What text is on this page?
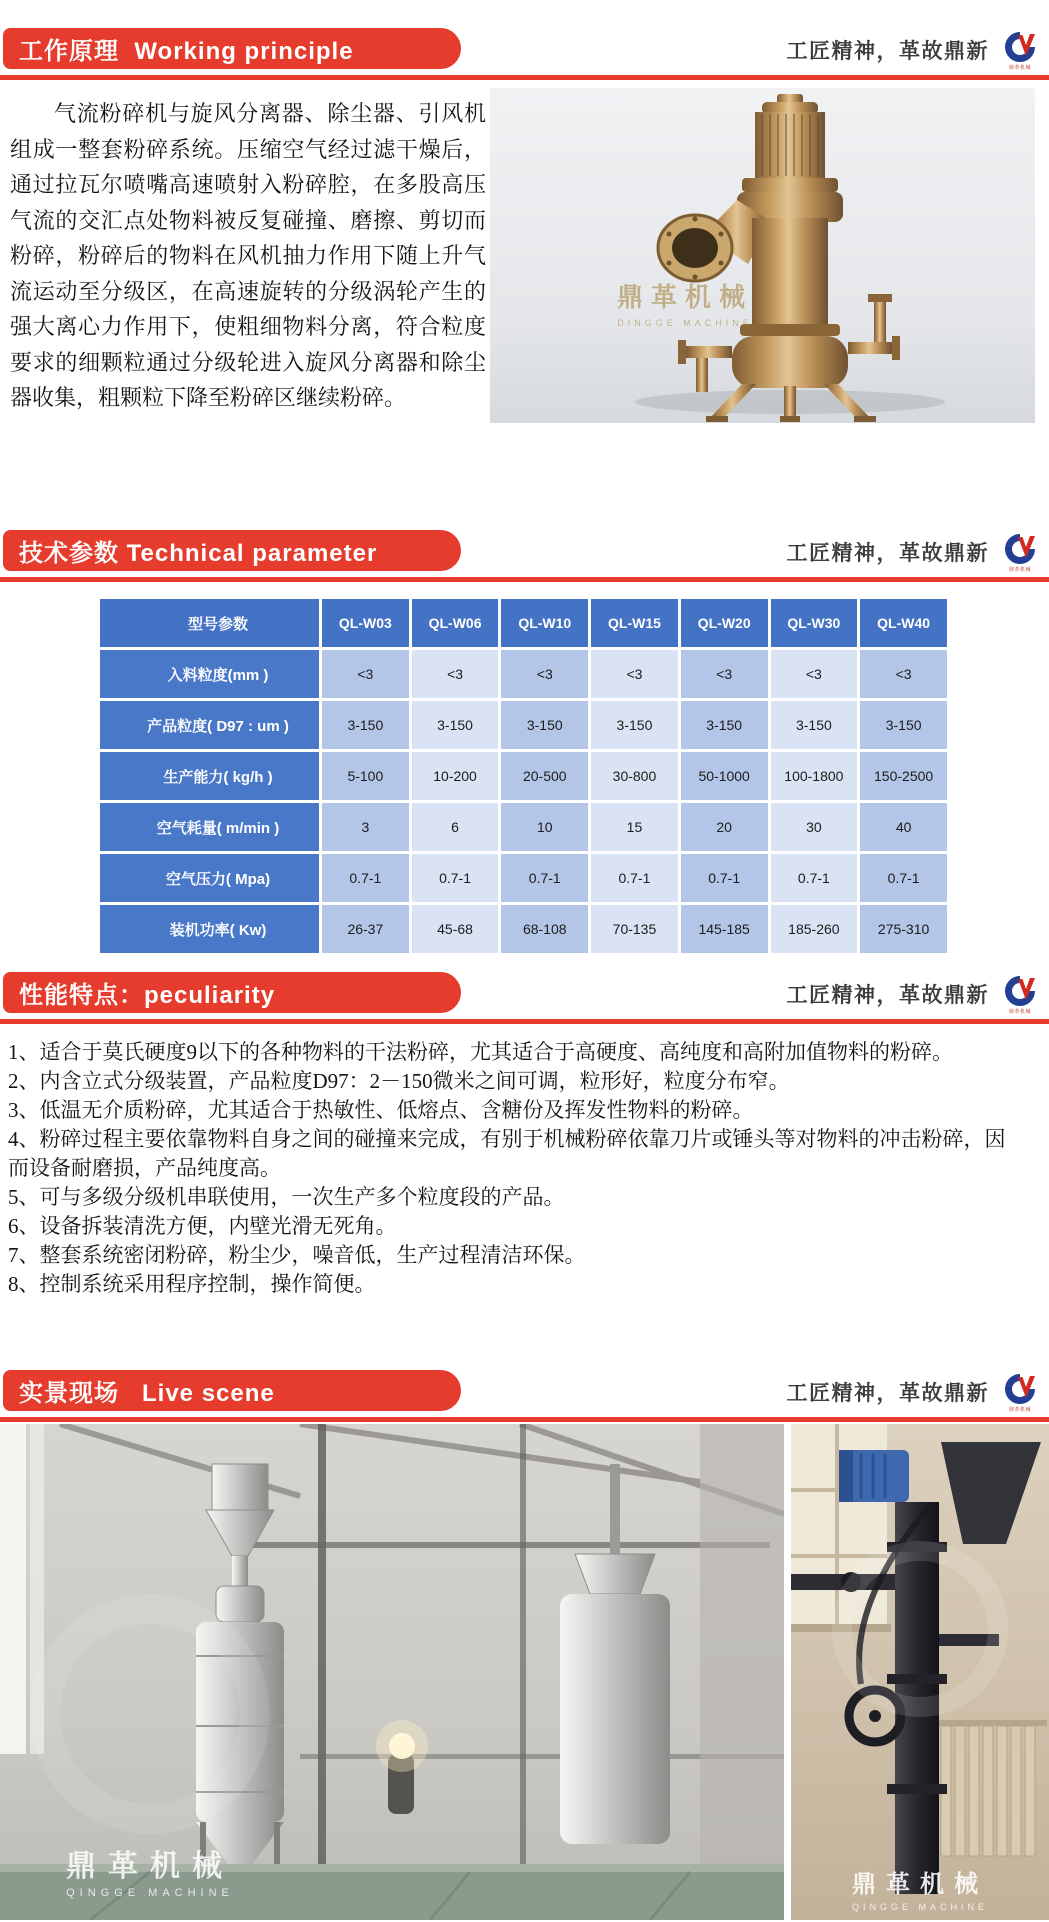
工作原理  Working principle	工匠精神，革故鼎新
鼎革机械

气流粉碎机与旋风分离器、除尘器、引风机组成一整套粉碎系统。压缩空气经过滤干燥后，通过拉瓦尔喷嘴高速喷射入粉碎腔，在多股高压气流的交汇点处物料被反复碰撞、磨擦、剪切而粉碎，粉碎后的物料在风机抽力作用下随上升气流运动至分级区，在高速旋转的分级涡轮产生的强大离心力作用下，使粗细物料分离，符合粒度要求的细颗粒通过分级轮进入旋风分离器和除尘器收集，粗颗粒下降至粉碎区继续粉碎。

鼎革机械
DINGGE MACHINE
技术参数 Technical parameter	工匠精神，革故鼎新
鼎革机械
型号参数	QL-W03	QL-W06	QL-W10	QL-W15	QL-W20	QL-W30	QL-W40
入料粒度(mm )	<3	<3	<3	<3	<3	<3	<3
产品粒度( D97 : um )	3-150	3-150	3-150	3-150	3-150	3-150	3-150
生产能力( kg/h )	5-100	10-200	20-500	30-800	50-1000	100-1800	150-2500
空气耗量( m/min )	3	6	10	15	20	30	40
空气压力( Mpa)	0.7-1	0.7-1	0.7-1	0.7-1	0.7-1	0.7-1	0.7-1
装机功率( Kw)	26-37	45-68	68-108	70-135	145-185	185-260	275-310
性能特点：peculiarity	工匠精神，革故鼎新
鼎革机械

1、适合于莫氏硬度9以下的各种物料的干法粉碎，尤其适合于高硬度、高纯度和高附加值物料的粉碎。

2、内含立式分级装置，产品粒度D97：2－150微米之间可调，粒形好，粒度分布窄。

3、低温无介质粉碎，尤其适合于热敏性、低熔点、含糖份及挥发性物料的粉碎。

4、粉碎过程主要依靠物料自身之间的碰撞来完成，有别于机械粉碎依靠刀片或锤头等对物料的冲击粉碎，因而设备耐磨损，产品纯度高。

5、可与多级分级机串联使用，一次生产多个粒度段的产品。

6、设备拆装清洗方便，内壁光滑无死角。

7、整套系统密闭粉碎，粉尘少，噪音低，生产过程清洁环保。

8、控制系统采用程序控制，操作简便。

实景现场   Live scene	工匠精神，革故鼎新
鼎革机械
鼎革机械
QINGGE MACHINE	鼎革机械
QINGGE MACHINE
